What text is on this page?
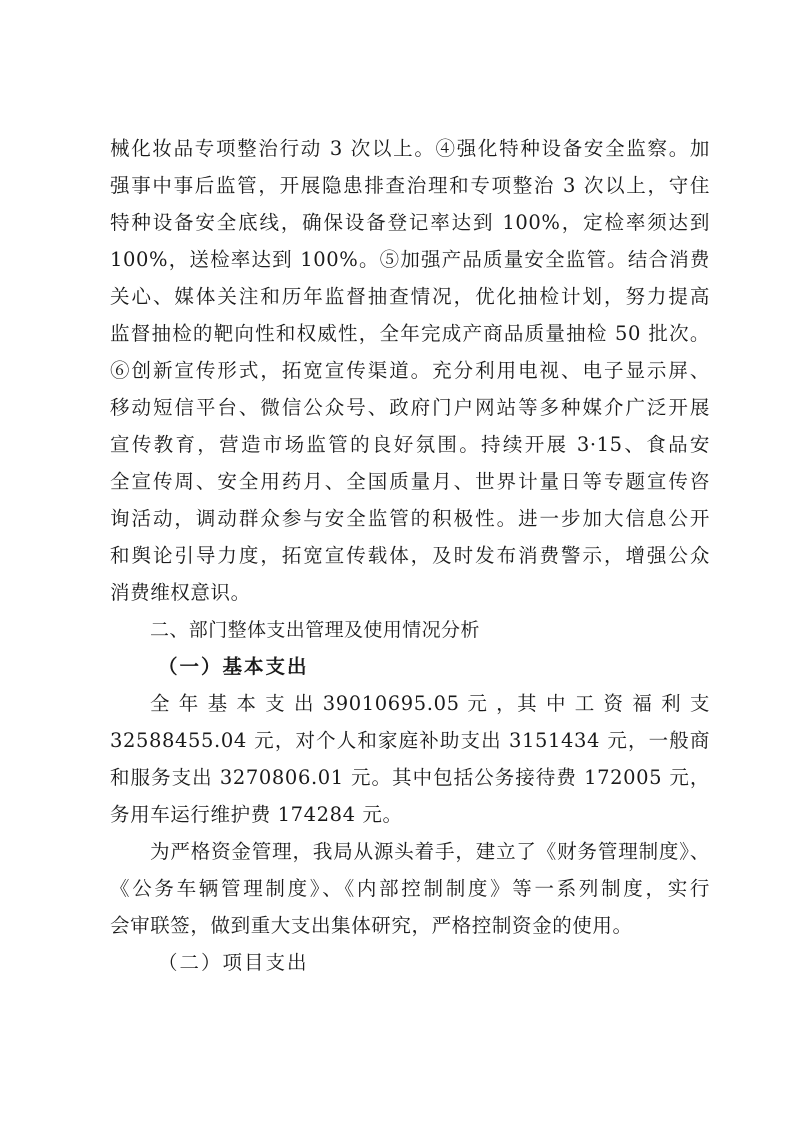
械化妆品专项整治行动 3 次以上。④强化特种设备安全监察。加
强事中事后监管，开展隐患排查治理和专项整治 3 次以上，守住
特种设备安全底线，确保设备登记率达到 100%，定检率须达到
100%，送检率达到 100%。⑤加强产品质量安全监管。结合消费
关心、媒体关注和历年监督抽查情况，优化抽检计划，努力提高
监督抽检的靶向性和权威性，全年完成产商品质量抽检 50 批次。
⑥创新宣传形式，拓宽宣传渠道。充分利用电视、电子显示屏、
移动短信平台、微信公众号、政府门户网站等多种媒介广泛开展
宣传教育，营造市场监管的良好氛围。持续开展 3·15、食品安
全宣传周、安全用药月、全国质量月、世界计量日等专题宣传咨
询活动，调动群众参与安全监管的积极性。进一步加大信息公开
和舆论引导力度，拓宽宣传载体，及时发布消费警示，增强公众
消费维权意识。
二、部门整体支出管理及使用情况分析
（一）基本支出
全 年 基 本 支 出 39010695.05 元 ，其 中 工 资 福 利 支
32588455.04 元，对个人和家庭补助支出 3151434 元，一般商
和服务支出 3270806.01 元。其中包括公务接待费 172005 元，
务用车运行维护费 174284 元。
为严格资金管理，我局从源头着手，建立了《财务管理制度》、
《公务车辆管理制度》、《内部控制制度》等一系列制度，实行
会审联签，做到重大支出集体研究，严格控制资金的使用。
（二）项目支出
